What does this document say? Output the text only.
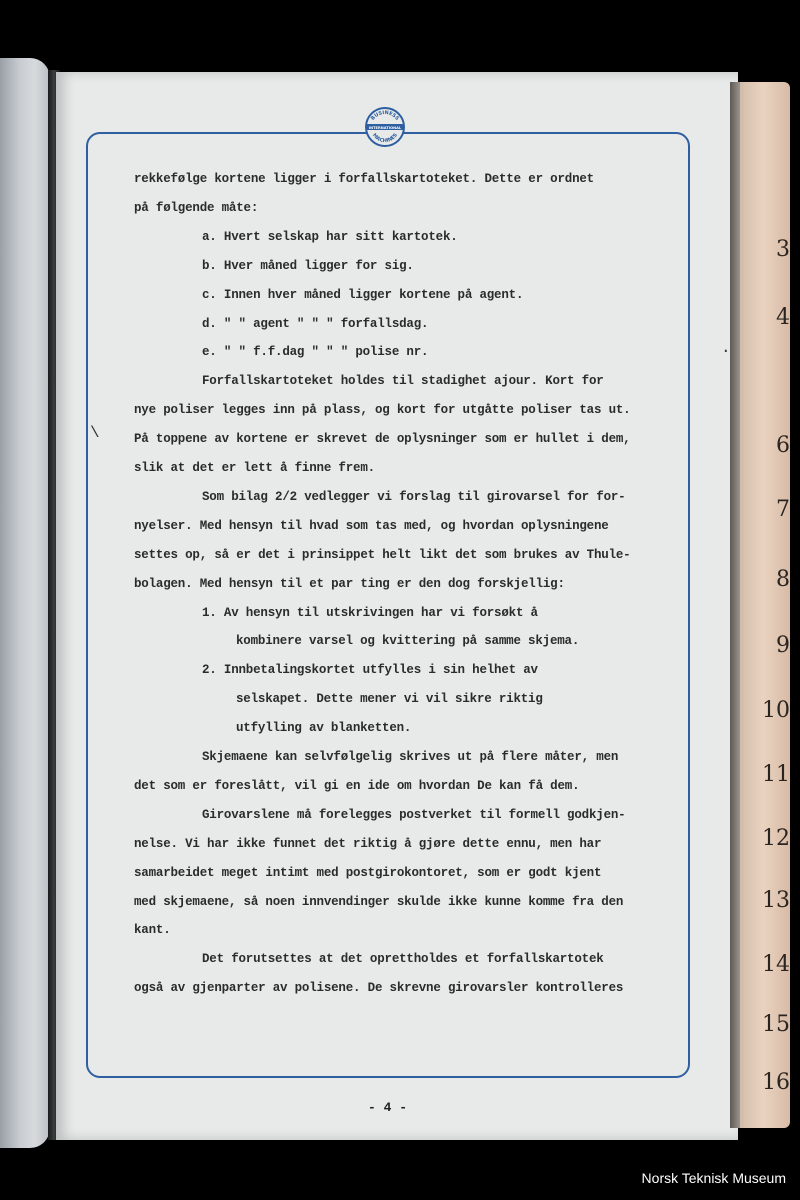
3
4
6
7
8
9
10
11
12
13
14
15
16
BUSINESS
INTERNATIONAL
MACHINES
rekkefølge kortene ligger i forfallskartoteket. Dette er ordnet
på følgende måte:
a. Hvert selskap har sitt kartotek.
b. Hver måned ligger for sig.
c. Innen hver måned ligger kortene på agent.
d. " " agent " " " forfallsdag.
e. " " f.f.dag " " " polise nr.
Forfallskartoteket holdes til stadighet ajour. Kort for
nye poliser legges inn på plass, og kort for utgåtte poliser tas ut.
På toppene av kortene er skrevet de oplysninger som er hullet i dem,
slik at det er lett å finne frem.
Som bilag 2/2 vedlegger vi forslag til girovarsel for for-
nyelser. Med hensyn til hvad som tas med, og hvordan oplysningene
settes op, så er det i prinsippet helt likt det som brukes av Thule-
bolagen. Med hensyn til et par ting er den dog forskjellig:
1. Av hensyn til utskrivingen har vi forsøkt å
kombinere varsel og kvittering på samme skjema.
2. Innbetalingskortet utfylles i sin helhet av
selskapet. Dette mener vi vil sikre riktig
utfylling av blanketten.
Skjemaene kan selvfølgelig skrives ut på flere måter, men
det som er foreslått, vil gi en ide om hvordan De kan få dem.
Girovarslene må forelegges postverket til formell godkjen-
nelse. Vi har ikke funnet det riktig å gjøre dette ennu, men har
samarbeidet meget intimt med postgirokontoret, som er godt kjent
med skjemaene, så noen innvendinger skulde ikke kunne komme fra den
kant.
Det forutsettes at det oprettholdes et forfallskartotek
også av gjenparter av polisene. De skrevne girovarsler kontrolleres
\
·
- 4 -
Norsk Teknisk Museum
